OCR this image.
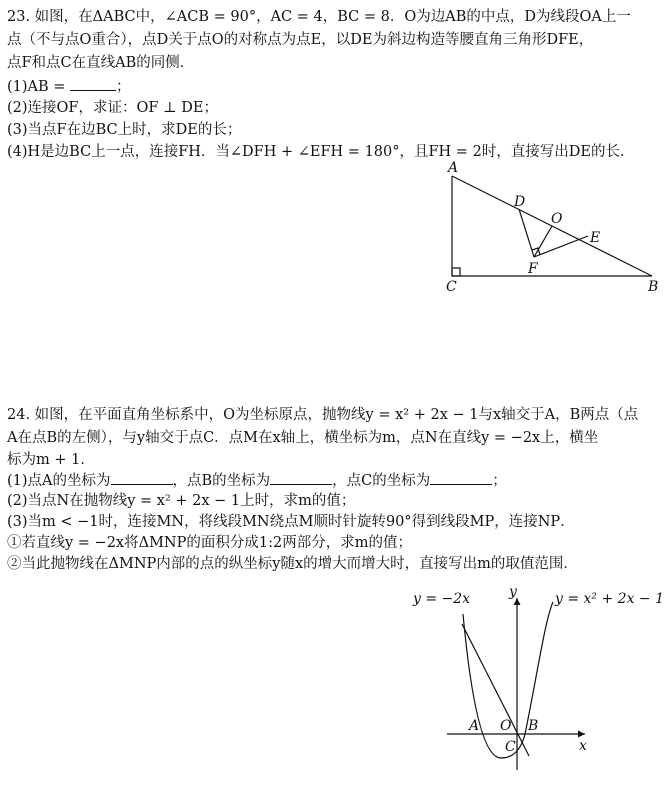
23. 如图，在ΔABC中，∠ACB = 90°，AC = 4，BC = 8．O为边AB的中点，D为线段OA上一
点（不与点O重合），点D关于点O的对称点为点E，以DE为斜边构造等腰直角三角形DFE，
点F和点C在直线AB的同侧．
(1)AB =	；
(2)连接OF，求证：OF ⊥ DE；
(3)当点F在边BC上时，求DE的长；
(4)H是边BC上一点，连接FH．当∠DFH + ∠EFH = 180°，且FH = 2时，直接写出DE的长．
A
D
O
E
F
C	B
24. 如图，在平面直角坐标系中，O为坐标原点，抛物线y = x² + 2x − 1与x轴交于A，B两点（点
A在点B的左侧），与y轴交于点C．点M在x轴上，横坐标为m，点N在直线y = −2x上，横坐
标为m + 1．
(1)点A的坐标为	，点B的坐标为	，点C的坐标为	；
(2)当点N在抛物线y = x² + 2x − 1上时，求m的值；
(3)当m < −1时，连接MN，将线段MN绕点M顺时针旋转90°得到线段MP，连接NP．
①若直线y = −2x将ΔMNP的面积分成1:2两部分，求m的值；
②当此抛物线在ΔMNP内部的点的纵坐标y随x的增大而增大时，直接写出m的取值范围．
y = −2x	y = x² + 2x − 1
y
x
A O B
C
